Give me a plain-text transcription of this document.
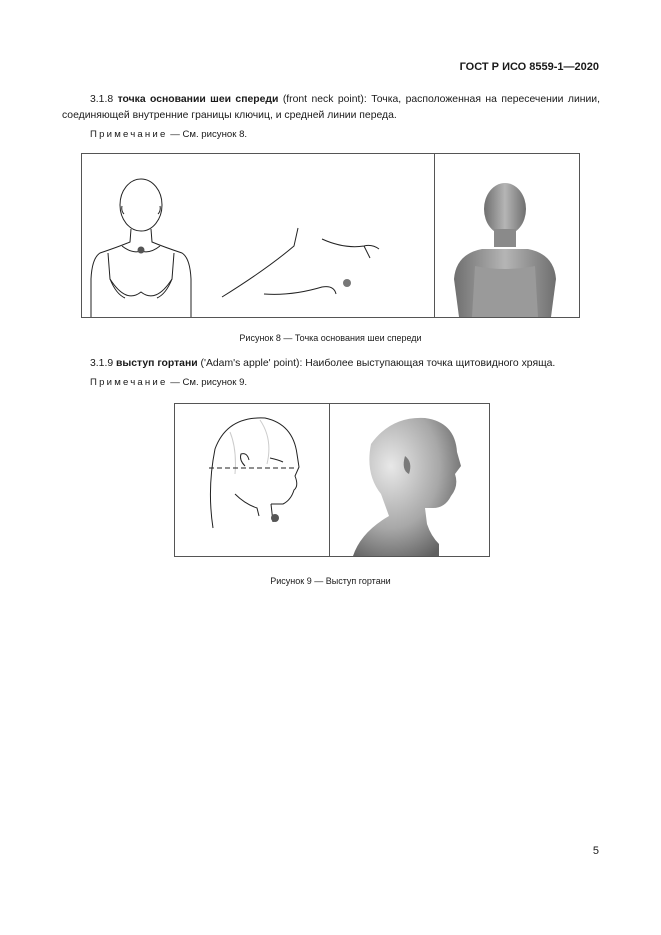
ГОСТ Р ИСО 8559-1—2020
3.1.8 точка основании шеи спереди (front neck point): Точка, расположенная на пересечении линии, соединяющей внутренние границы ключиц, и средней линии переда.
Примечание — См. рисунок 8.
Рисунок 8 — Точка основания шеи спереди
3.1.9 выступ гортани ('Adam's apple' point): Наиболее выступающая точка щитовидного хряща.
Примечание — См. рисунок 9.
Рисунок 9 — Выступ гортани
5
